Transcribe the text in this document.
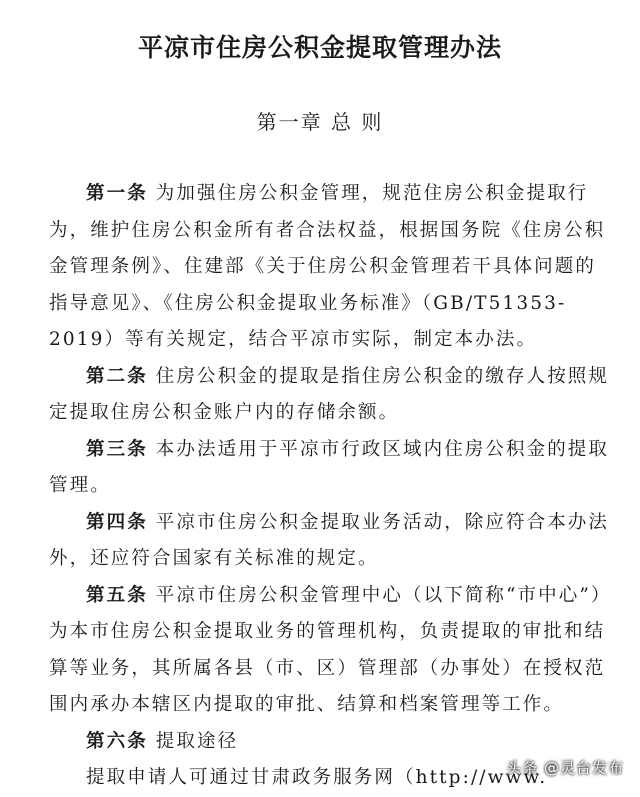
平凉市住房公积金提取管理办法
第一章 总 则

第一条 为加强住房公积金管理，规范住房公积金提取行为，维护住房公积金所有者合法权益，根据国务院《住房公积金管理条例》、住建部《关于住房公积金管理若干具体问题的指导意见》、《住房公积金提取业务标准》（GB/T51353-2019）等有关规定，结合平凉市实际，制定本办法。

第二条 住房公积金的提取是指住房公积金的缴存人按照规定提取住房公积金账户内的存储余额。

第三条 本办法适用于平凉市行政区域内住房公积金的提取管理。

第四条 平凉市住房公积金提取业务活动，除应符合本办法外，还应符合国家有关标准的规定。

第五条 平凉市住房公积金管理中心（以下简称“市中心”）为本市住房公积金提取业务的管理机构，负责提取的审批和结算等业务，其所属各县（市、区）管理部（办事处）在授权范围内承办本辖区内提取的审批、结算和档案管理等工作。

第六条 提取途径

提取申请人可通过甘肃政务服务网（http://www.

头条 @灵台发布
